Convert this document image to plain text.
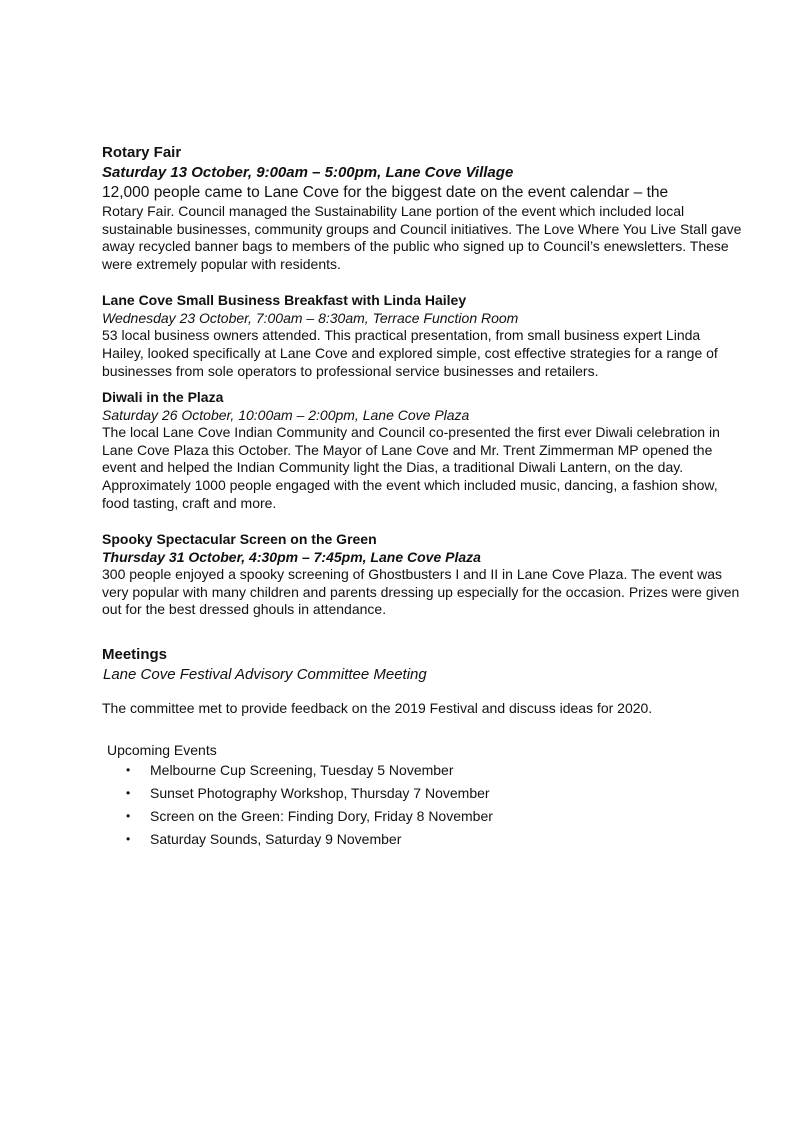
Rotary Fair

Saturday 13 October, 9:00am – 5:00pm, Lane Cove Village

12,000 people came to Lane Cove for the biggest date on the event calendar – the

Rotary Fair. Council managed the Sustainability Lane portion of the event which included local sustainable businesses, community groups and Council initiatives. The Love Where You Live Stall gave away recycled banner bags to members of the public who signed up to Council’s enewsletters. These were extremely popular with residents.

Lane Cove Small Business Breakfast with Linda Hailey

Wednesday 23 October, 7:00am – 8:30am, Terrace Function Room

53 local business owners attended. This practical presentation, from small business expert Linda Hailey, looked specifically at Lane Cove and explored simple, cost effective strategies for a range of businesses from sole operators to professional service businesses and retailers.

Diwali in the Plaza

Saturday 26 October, 10:00am – 2:00pm, Lane Cove Plaza

The local Lane Cove Indian Community and Council co-presented the first ever Diwali celebration in Lane Cove Plaza this October. The Mayor of Lane Cove and Mr. Trent Zimmerman MP opened the event and helped the Indian Community light the Dias, a traditional Diwali Lantern, on the day. Approximately 1000 people engaged with the event which included music, dancing, a fashion show, food tasting, craft and more.

Spooky Spectacular Screen on the Green

Thursday 31 October, 4:30pm – 7:45pm, Lane Cove Plaza

300 people enjoyed a spooky screening of Ghostbusters I and II in Lane Cove Plaza. The event was very popular with many children and parents dressing up especially for the occasion. Prizes were given out for the best dressed ghouls in attendance.

Meetings

Lane Cove Festival Advisory Committee Meeting

The committee met to provide feedback on the 2019 Festival and discuss ideas for 2020.

Upcoming Events

• Melbourne Cup Screening, Tuesday 5 November
• Sunset Photography Workshop, Thursday 7 November
• Screen on the Green: Finding Dory, Friday 8 November
• Saturday Sounds, Saturday 9 November
